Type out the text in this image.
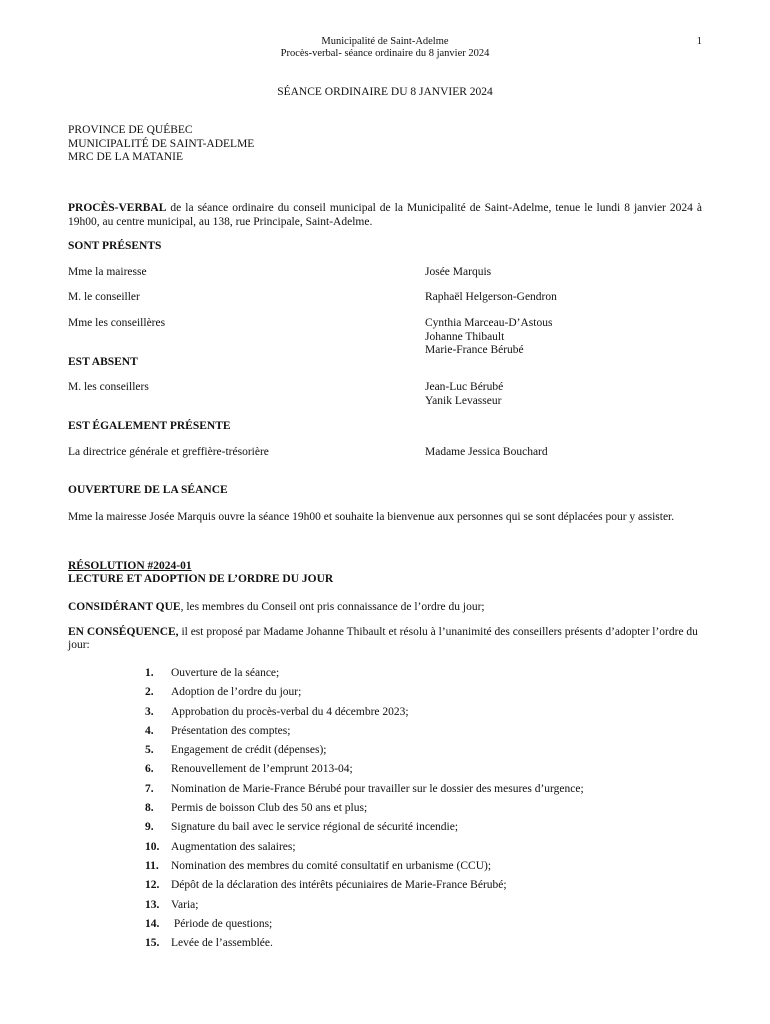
Municipalité de Saint-Adelme
Procès-verbal- séance ordinaire du 8 janvier 2024
1
SÉANCE ORDINAIRE DU 8 JANVIER 2024
PROVINCE DE QUÉBEC
MUNICIPALITÉ DE SAINT-ADELME
MRC DE LA MATANIE
PROCÈS-VERBAL de la séance ordinaire du conseil municipal de la Municipalité de Saint-Adelme, tenue le lundi 8 janvier 2024 à 19h00, au centre municipal, au 138, rue Principale, Saint-Adelme.
SONT PRÉSENTS
Mme la mairesse	Josée Marquis
M. le conseiller	Raphaël Helgerson-Gendron
Mme les conseillères	Cynthia Marceau-D’Astous
Johanne Thibault
Marie-France Bérubé
EST ABSENT
M. les conseillers	Jean-Luc Bérubé
Yanik Levasseur
EST ÉGALEMENT PRÉSENTE
La directrice générale et greffière-trésorière	Madame Jessica Bouchard
OUVERTURE DE LA SÉANCE
Mme la mairesse Josée Marquis ouvre la séance 19h00 et souhaite la bienvenue aux personnes qui se sont déplacées pour y assister.
RÉSOLUTION #2024-01
LECTURE ET ADOPTION DE L’ORDRE DU JOUR
CONSIDÉRANT QUE, les membres du Conseil ont pris connaissance de l’ordre du jour;
EN CONSÉQUENCE, il est proposé par Madame Johanne Thibault et résolu à l’unanimité des conseillers présents d’adopter l’ordre du jour:
1.	Ouverture de la séance;
2.	Adoption de l’ordre du jour;
3.	Approbation du procès-verbal du 4 décembre 2023;
4.	Présentation des comptes;
5.	Engagement de crédit (dépenses);
6.	Renouvellement de l’emprunt 2013-04;
7.	Nomination de Marie-France Bérubé pour travailler sur le dossier des mesures d’urgence;
8.	Permis de boisson Club des 50 ans et plus;
9.	Signature du bail avec le service régional de sécurité incendie;
10.	Augmentation des salaires;
11.	Nomination des membres du comité consultatif en urbanisme (CCU);
12.	Dépôt de la déclaration des intérêts pécuniaires de Marie-France Bérubé;
13.	Varia;
14.	Période de questions;
15.	Levée de l’assemblée.
